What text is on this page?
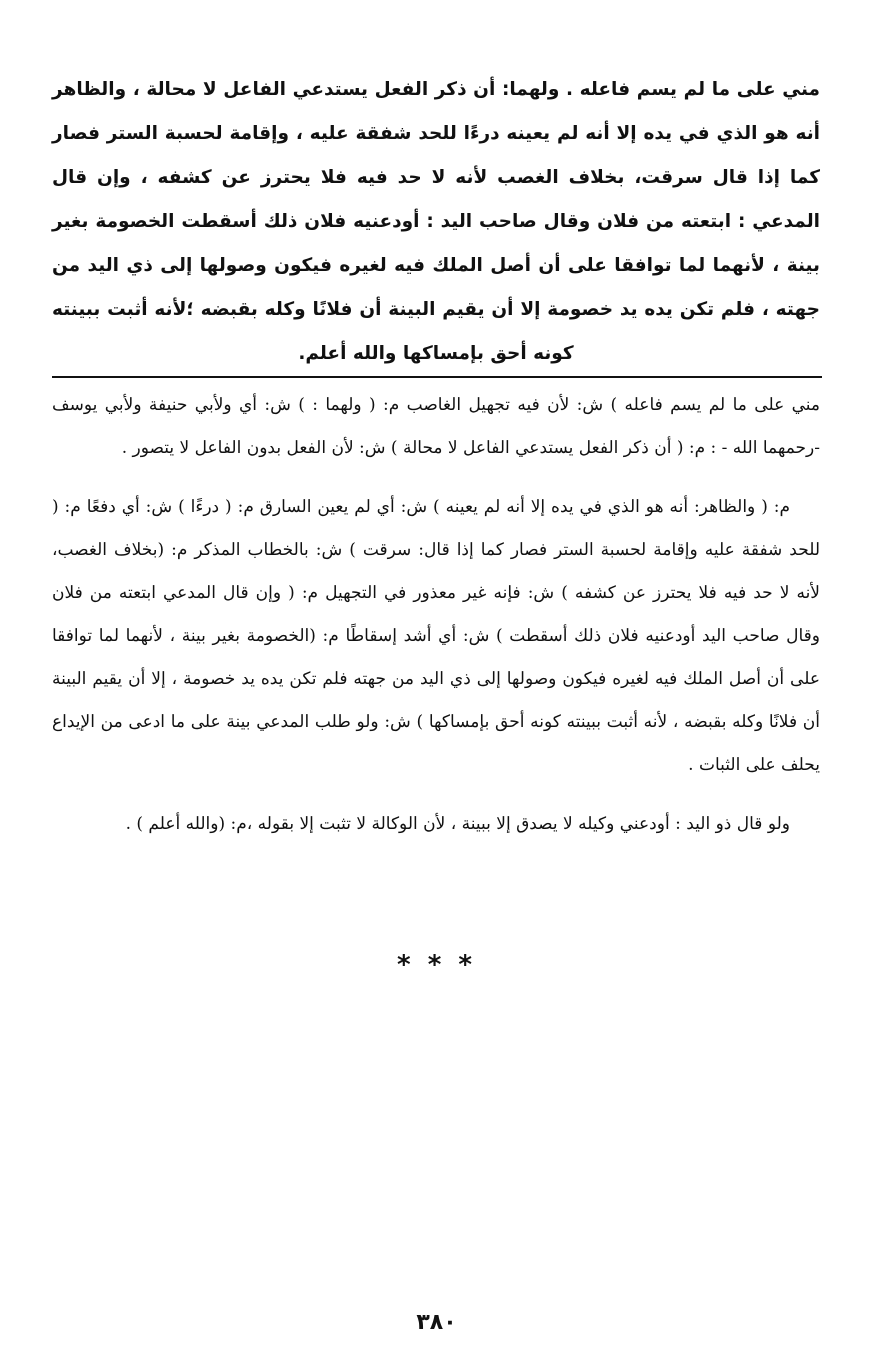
مني على ما لم يسم فاعله . ولهما: أن ذكر الفعل يستدعي الفاعل لا محالة ، والظاهر أنه هو الذي في يده إلا أنه لم يعينه درءًا للحد شفقة عليه ، وإقامة لحسبة الستر فصار كما إذا قال سرقت، بخلاف الغصب لأنه لا حد فيه فلا يحترز عن كشفه ، وإن قال المدعي : ابتعته من فلان وقال صاحب اليد : أودعنيه فلان ذلك أسقطت الخصومة بغير بينة ، لأنهما لما توافقا على أن أصل الملك فيه لغيره فيكون وصولها إلى ذي اليد من جهته ، فلم تكن يده يد خصومة إلا أن يقيم البينة أن فلانًا وكله بقبضه ؛لأنه أثبت ببينته كونه أحق بإمساكها والله أعلم.

مني على ما لم يسم فاعله ) ش: لأن فيه تجهيل الغاصب م: ( ولهما : ) ش: أي ولأبي حنيفة ولأبي يوسف -رحمهما الله - : م: ( أن ذكر الفعل يستدعي الفاعل لا محالة ) ش: لأن الفعل بدون الفاعل لا يتصور .

م: ( والظاهر: أنه هو الذي في يده إلا أنه لم يعينه ) ش: أي لم يعين السارق م: ( درءًا ) ش: أي دفعًا م: ( للحد شفقة عليه وإقامة لحسبة الستر فصار كما إذا قال: سرقت ) ش: بالخطاب المذكر م: (بخلاف الغصب، لأنه لا حد فيه فلا يحترز عن كشفه ) ش: فإنه غير معذور في التجهيل م: ( وإن قال المدعي ابتعته من فلان وقال صاحب اليد أودعنيه فلان ذلك أسقطت ) ش: أي أشد إسقاطًا م: (الخصومة بغير بينة ، لأنهما لما توافقا على أن أصل الملك فيه لغيره فيكون وصولها إلى ذي اليد من جهته فلم تكن يده يد خصومة ، إلا أن يقيم البينة أن فلانًا وكله بقبضه ، لأنه أثبت ببينته كونه أحق بإمساكها ) ش: ولو طلب المدعي بينة على ما ادعى من الإيداع يحلف على الثبات .

ولو قال ذو اليد : أودعني وكيله لا يصدق إلا ببينة ، لأن الوكالة لا تثبت إلا بقوله ،م: (والله أعلم ) .

* * *
٣٨٠
